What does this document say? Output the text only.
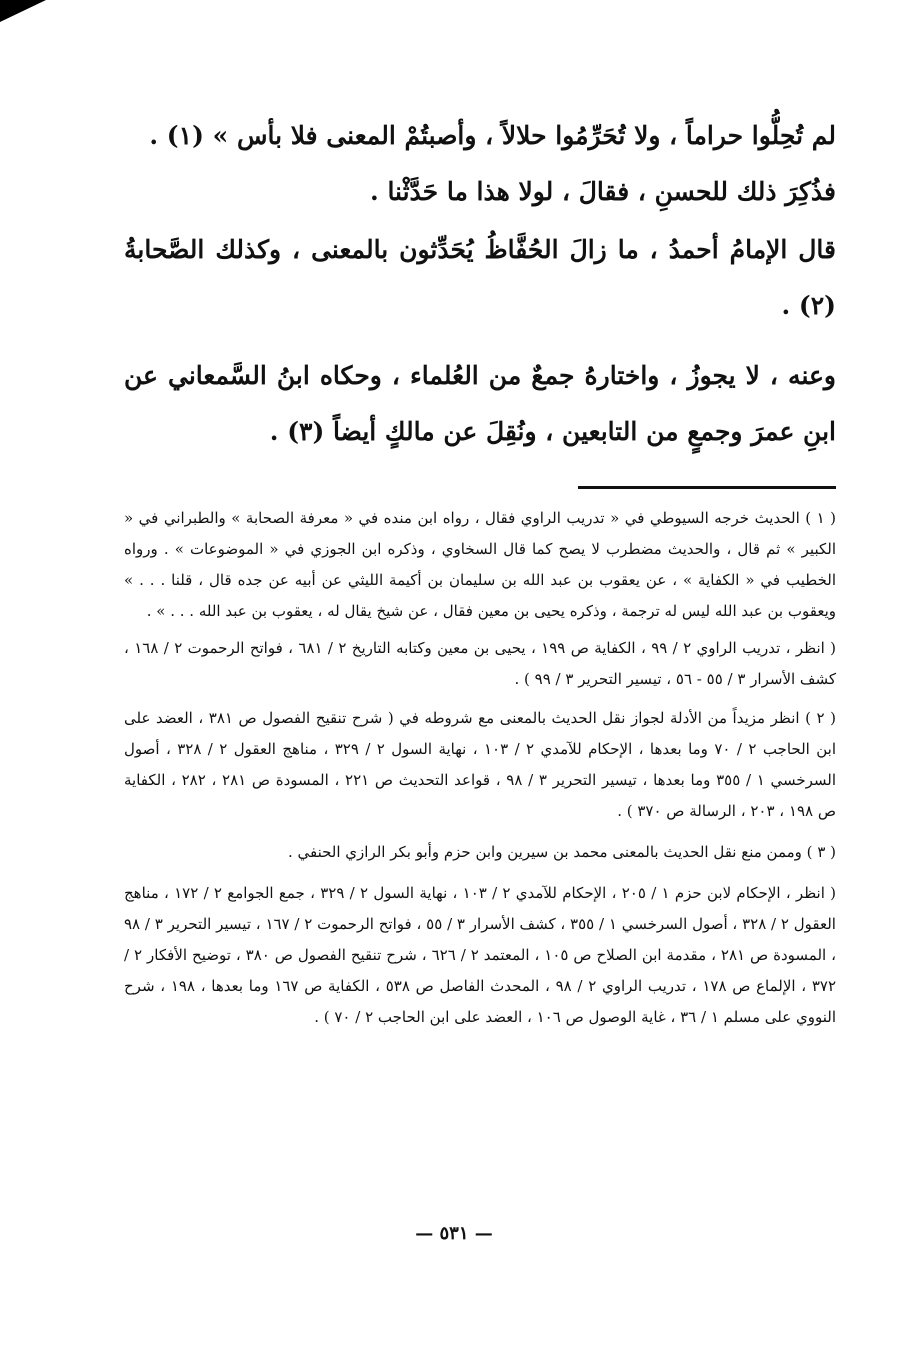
لم تُحِلُّوا حراماً ، ولا تُحَرِّمُوا حلالاً ، وأصبتُمْ المعنى فلا بأس » (١) .

فذُكِرَ ذلك للحسنِ ، فقالَ ، لولا هذا ما حَدَّثْنا .

قال الإمامُ أحمدُ ، ما زالَ الحُفَّاظُ يُحَدِّثون بالمعنى ، وكذلك الصَّحابةُ (٢) .

وعنه ، لا يجوزُ ، واختارهُ جمعٌ من العُلماء ، وحكاه ابنُ السَّمعاني عن ابنِ عمرَ وجمعٍ من التابعين ، ونُقِلَ عن مالكٍ أيضاً (٣) .

( ١ ) الحديث خرجه السيوطي في « تدريب الراوي فقال ، رواه ابن منده في « معرفة الصحابة » والطبراني في « الكبير » ثم قال ، والحديث مضطرب لا يصح كما قال السخاوي ، وذكره ابن الجوزي في « الموضوعات » . ورواه الخطيب في « الكفاية » ، عن يعقوب بن عبد الله بن سليمان بن أكيمة الليثي عن أبيه عن جده قال ، قلنا . . . » ويعقوب بن عبد الله ليس له ترجمة ، وذكره يحيى بن معين فقال ، عن شيخ يقال له ، يعقوب بن عبد الله . . . » .

( انظر ، تدريب الراوي ٢ / ٩٩ ، الكفاية ص ١٩٩ ، يحيى بن معين وكتابه التاريخ ٢ / ٦٨١ ، فواتح الرحموت ٢ / ١٦٨ ، كشف الأسرار ٣ / ٥٥ - ٥٦ ، تيسير التحرير ٣ / ٩٩ ) .

( ٢ ) انظر مزيداً من الأدلة لجواز نقل الحديث بالمعنى مع شروطه في ( شرح تنقيح الفصول ص ٣٨١ ، العضد على ابن الحاجب ٢ / ٧٠ وما بعدها ، الإحكام للآمدي ٢ / ١٠٣ ، نهاية السول ٢ / ٣٢٩ ، مناهج العقول ٢ / ٣٢٨ ، أصول السرخسي ١ / ٣٥٥ وما بعدها ، تيسير التحرير ٣ / ٩٨ ، قواعد التحديث ص ٢٢١ ، المسودة ص ٢٨١ ، ٢٨٢ ، الكفاية ص ١٩٨ ، ٢٠٣ ، الرسالة ص ٣٧٠ ) .

( ٣ ) وممن منع نقل الحديث بالمعنى محمد بن سيرين وابن حزم وأبو بكر الرازي الحنفي .

( انظر ، الإحكام لابن حزم ١ / ٢٠٥ ، الإحكام للآمدي ٢ / ١٠٣ ، نهاية السول ٢ / ٣٢٩ ، جمع الجوامع ٢ / ١٧٢ ، مناهج العقول ٢ / ٣٢٨ ، أصول السرخسي ١ / ٣٥٥ ، كشف الأسرار ٣ / ٥٥ ، فواتح الرحموت ٢ / ١٦٧ ، تيسير التحرير ٣ / ٩٨ ، المسودة ص ٢٨١ ، مقدمة ابن الصلاح ص ١٠٥ ، المعتمد ٢ / ٦٢٦ ، شرح تنقيح الفصول ص ٣٨٠ ، توضيح الأفكار ٢ / ٣٧٢ ، الإلماع ص ١٧٨ ، تدريب الراوي ٢ / ٩٨ ، المحدث الفاصل ص ٥٣٨ ، الكفاية ص ١٦٧ وما بعدها ، ١٩٨ ، شرح النووي على مسلم ١ / ٣٦ ، غاية الوصول ص ١٠٦ ، العضد على ابن الحاجب ٢ / ٧٠ ) .

— ٥٣١ —
